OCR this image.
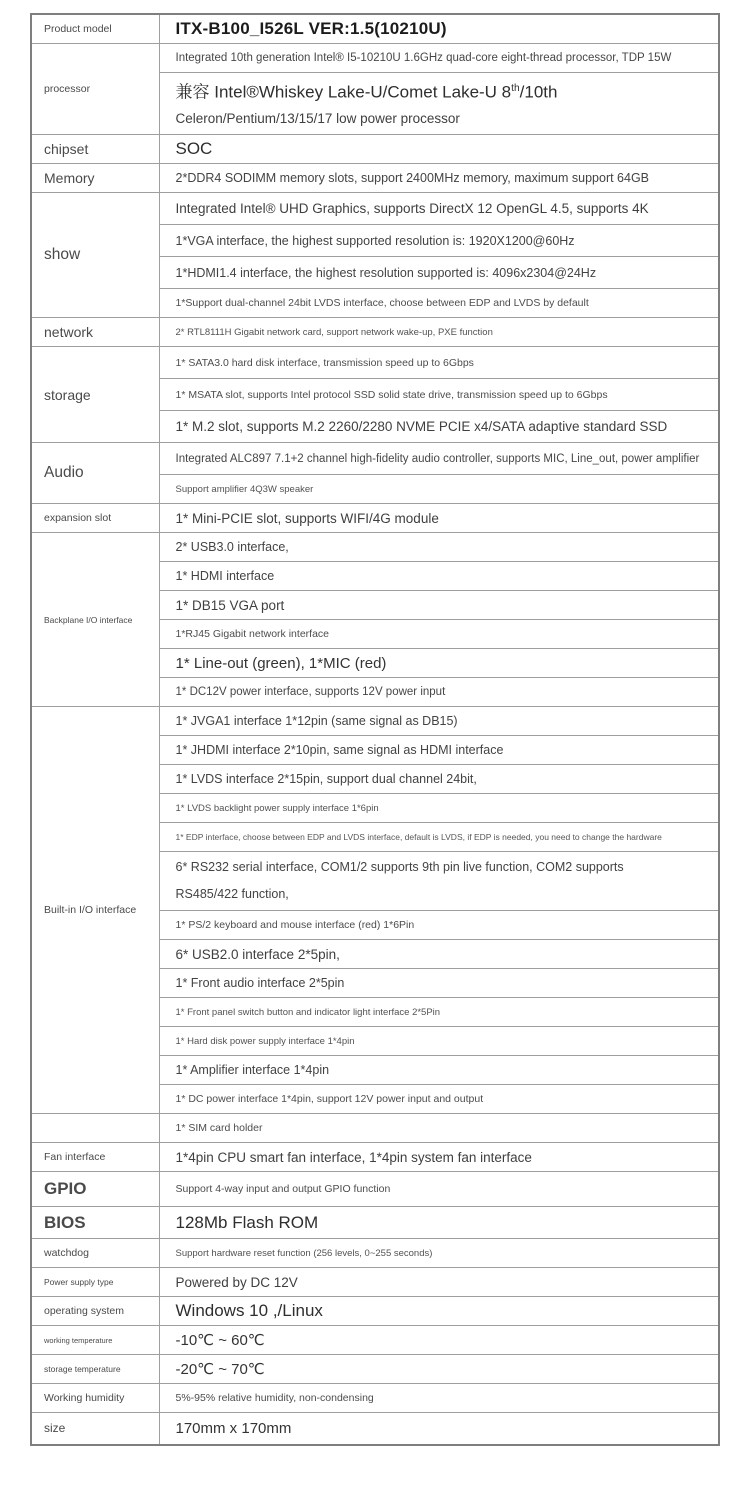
Product model	ITX-B100_I526L VER:1.5(10210U)
processor	Integrated 10th generation Intel® I5-10210U 1.6GHz quad-core eight-thread processor, TDP 15W

	兼容 Intel®Whiskey Lake-U/Comet Lake-U 8th/10th
Celeron/Pentium/13/15/17 low power processor

chipset	SOC
Memory	2*DDR4 SODIMM memory slots, support 2400MHz memory, maximum support 64GB
show	Integrated Intel® UHD Graphics, supports DirectX 12 OpenGL 4.5, supports 4K
	1*VGA interface, the highest supported resolution is: 1920X1200@60Hz
	1*HDMI1.4 interface, the highest resolution supported is: 4096x2304@24Hz
	1*Support dual-channel 24bit LVDS interface, choose between EDP and LVDS by default
network	2* RTL8111H Gigabit network card, support network wake-up, PXE function
storage	1* SATA3.0 hard disk interface, transmission speed up to 6Gbps
	1* MSATA slot, supports Intel protocol SSD solid state drive, transmission speed up to 6Gbps
	1* M.2 slot, supports M.2 2260/2280 NVME PCIE x4/SATA adaptive standard SSD
Audio	Integrated ALC897 7.1+2 channel high-fidelity audio controller, supports MIC, Line_out, power amplifier
	Support amplifier 4Q3W speaker
expansion slot	1* Mini-PCIE slot, supports WIFI/4G module
Backplane I/O interface	2* USB3.0 interface,
	1* HDMI interface
	1* DB15 VGA port
	1*RJ45 Gigabit network interface
	1* Line-out (green), 1*MIC (red)
	1* DC12V power interface, supports 12V power input
Built-in I/O interface	1* JVGA1 interface 1*12pin (same signal as DB15)
	1* JHDMI interface 2*10pin, same signal as HDMI interface
	1* LVDS interface 2*15pin, support dual channel 24bit,
	1* LVDS backlight power supply interface 1*6pin
	1* EDP interface, choose between EDP and LVDS interface, default is LVDS, if EDP is needed, you need to change the hardware

	6* RS232 serial interface, COM1/2 supports 9th pin live function, COM2 supports
RS485/422 function,

	1* PS/2 keyboard and mouse interface (red) 1*6Pin
	6* USB2.0 interface 2*5pin,
	1* Front audio interface 2*5pin
	1* Front panel switch button and indicator light interface 2*5Pin
	1* Hard disk power supply interface 1*4pin
	1* Amplifier interface 1*4pin
	1* DC power interface 1*4pin, support 12V power input and output
	1* SIM card holder
Fan interface	1*4pin CPU smart fan interface, 1*4pin system fan interface
GPIO	Support 4-way input and output GPIO function
BIOS	128Mb Flash ROM
watchdog	Support hardware reset function (256 levels, 0~255 seconds)
Power supply type	Powered by DC 12V
operating system	Windows 10 ,/Linux
working temperature	-10℃ ~ 60℃
storage temperature	-20℃ ~ 70℃
Working humidity	5%-95% relative humidity, non-condensing
size	170mm x 170mm
